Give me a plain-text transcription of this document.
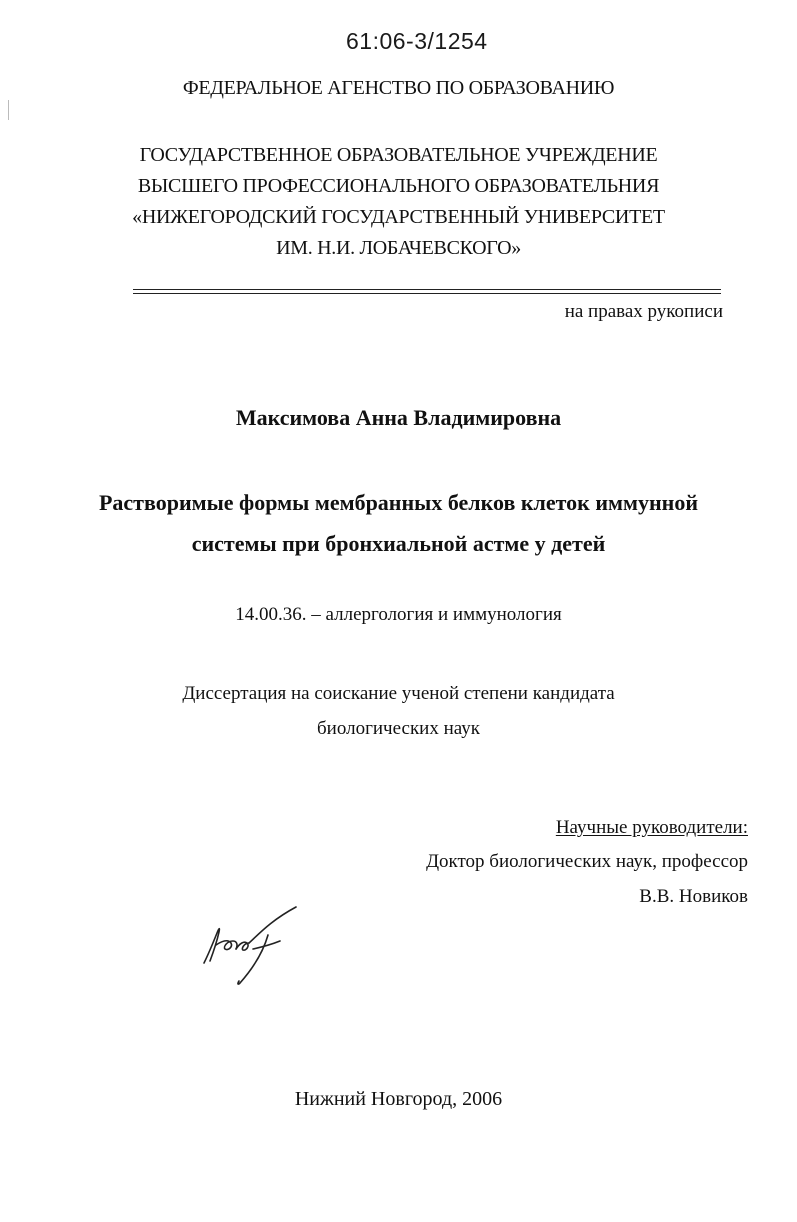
61:06-3/1254
ФЕДЕРАЛЬНОЕ АГЕНСТВО ПО ОБРАЗОВАНИЮ
ГОСУДАРСТВЕННОЕ ОБРАЗОВАТЕЛЬНОЕ УЧРЕЖДЕНИЕ
ВЫСШЕГО ПРОФЕССИОНАЛЬНОГО ОБРАЗОВАТЕЛЬНИЯ
«НИЖЕГОРОДСКИЙ ГОСУДАРСТВЕННЫЙ УНИВЕРСИТЕТ
ИМ. Н.И. ЛОБАЧЕВСКОГО»
на правах рукописи
Максимова Анна Владимировна
Растворимые формы мембранных белков клеток иммунной
системы при бронхиальной астме у детей
14.00.36. – аллергология и иммунология
Диссертация на соискание ученой степени кандидата
биологических наук
Научные руководители:
Доктор биологических наук, профессор
В.В. Новиков
Нижний Новгород, 2006
